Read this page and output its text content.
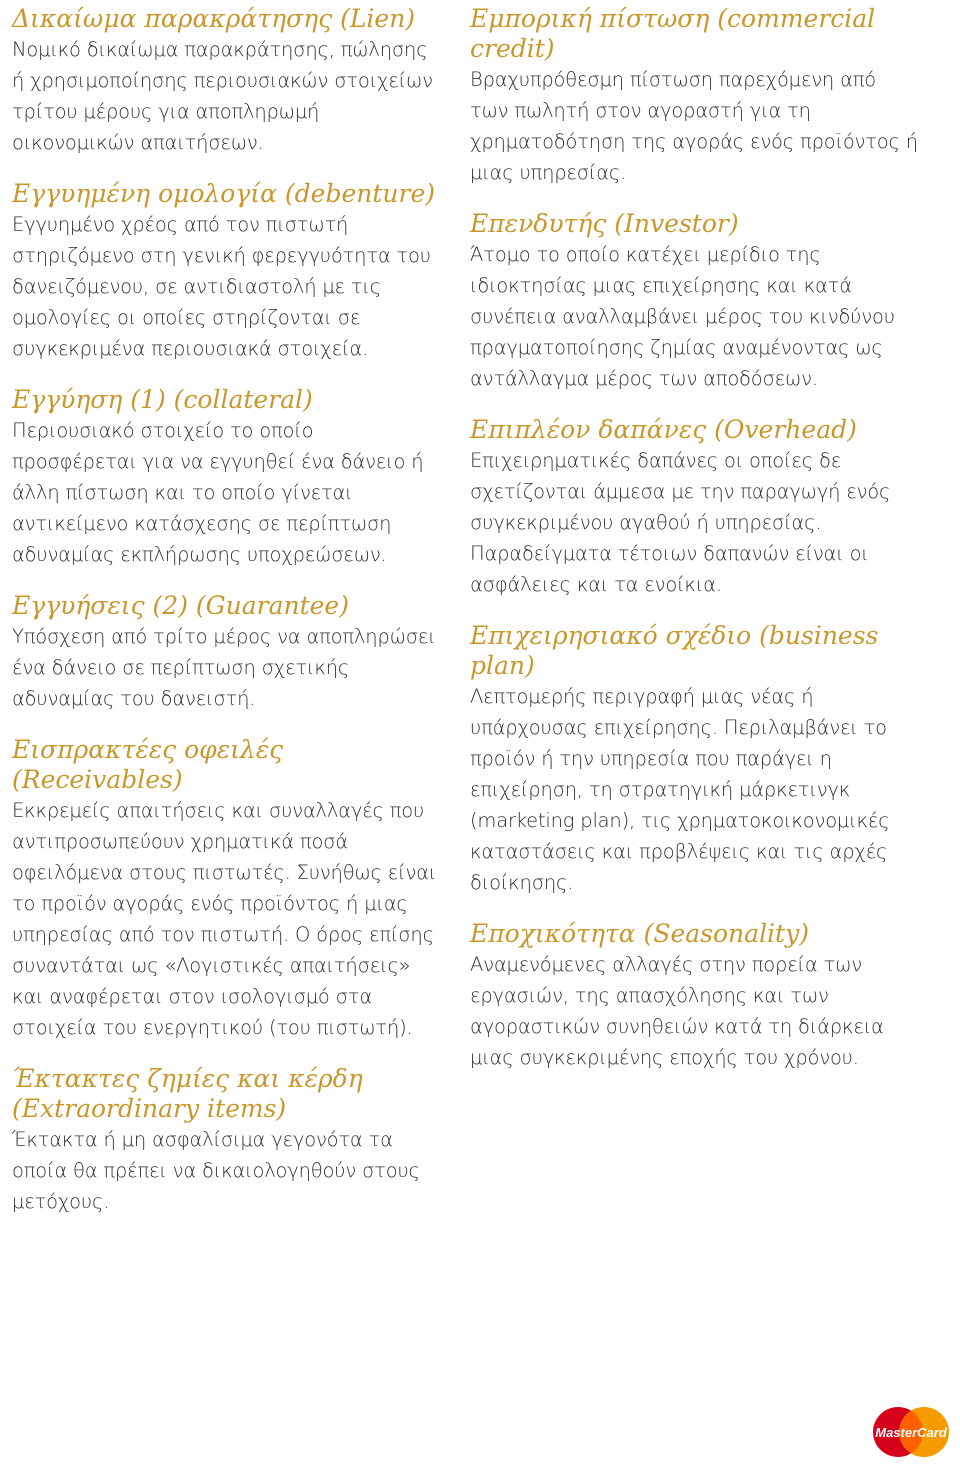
Δικαίωμα παρακράτησης (Lien)
Νομικό δικαίωμα παρακράτησης, πώλησης ή χρησιμοποίησης περιουσιακών στοιχείων τρίτου μέρους για αποπληρωμή οικονομικών απαιτήσεων.
Εγγυημένη ομολογία (debenture)
Εγγυημένο χρέος από τον πιστωτή στηριζόμενο στη γενική φερεγγυότητα του δανειζόμενου, σε αντιδιαστολή με τις ομολογίες οι οποίες στηρίζονται σε συγκεκριμένα περιουσιακά στοιχεία.
Εγγύηση (1) (collateral)
Περιουσιακό στοιχείο το οποίο προσφέρεται για να εγγυηθεί ένα δάνειο ή άλλη πίστωση και το οποίο γίνεται αντικείμενο κατάσχεσης σε περίπτωση αδυναμίας εκπλήρωσης υποχρεώσεων.
Εγγυήσεις (2) (Guarantee)
Υπόσχεση από τρίτο μέρος να αποπληρώσει ένα δάνειο σε περίπτωση σχετικής αδυναμίας του δανειστή.
Εισπρακτέες οφειλές (Receivables)
Εκκρεμείς απαιτήσεις και συναλλαγές που αντιπροσωπεύουν χρηματικά ποσά οφειλόμενα στους πιστωτές. Συνήθως είναι το προϊόν αγοράς ενός προϊόντος ή μιας υπηρεσίας από τον πιστωτή. Ο όρος επίσης συναντάται ως «Λογιστικές απαιτήσεις» και αναφέρεται στον ισολογισμό στα στοιχεία του ενεργητικού (του πιστωτή).
Έκτακτες ζημίες και κέρδη (Extraordinary items)
Έκτακτα ή μη ασφαλίσιμα γεγονότα τα οποία θα πρέπει να δικαιολογηθούν στους μετόχους.
Εμπορική πίστωση (commercial credit)
Βραχυπρόθεσμη πίστωση παρεχόμενη από των πωλητή στον αγοραστή για τη χρηματοδότηση της αγοράς ενός προϊόντος ή μιας υπηρεσίας.
Επενδυτής (Investor)
Άτομο το οποίο κατέχει μερίδιο της ιδιοκτησίας μιας επιχείρησης και κατά συνέπεια αναλλαμβάνει μέρος του κινδύνου πραγματοποίησης ζημίας αναμένοντας ως αντάλλαγμα μέρος των αποδόσεων.
Επιπλέον δαπάνες (Overhead)
Επιχειρηματικές δαπάνες οι οποίες δε σχετίζονται άμμεσα με την παραγωγή ενός συγκεκριμένου αγαθού ή υπηρεσίας. Παραδείγματα τέτοιων δαπανών είναι οι ασφάλειες και τα ενοίκια.
Επιχειρησιακό σχέδιο (business plan)
Λεπτομερής περιγραφή μιας νέας ή υπάρχουσας επιχείρησης. Περιλαμβάνει το προϊόν ή την υπηρεσία που παράγει η επιχείρηση, τη στρατηγική μάρκετινγκ (marketing plan), τις χρηματοκοικονομικές καταστάσεις και προβλέψεις και τις αρχές διοίκησης.
Εποχικότητα (Seasonality)
Αναμενόμενες αλλαγές στην πορεία των εργασιών, της απασχόλησης και των αγοραστικών συνηθειών κατά τη διάρκεια μιας συγκεκριμένης εποχής του χρόνου.
MasterCard
